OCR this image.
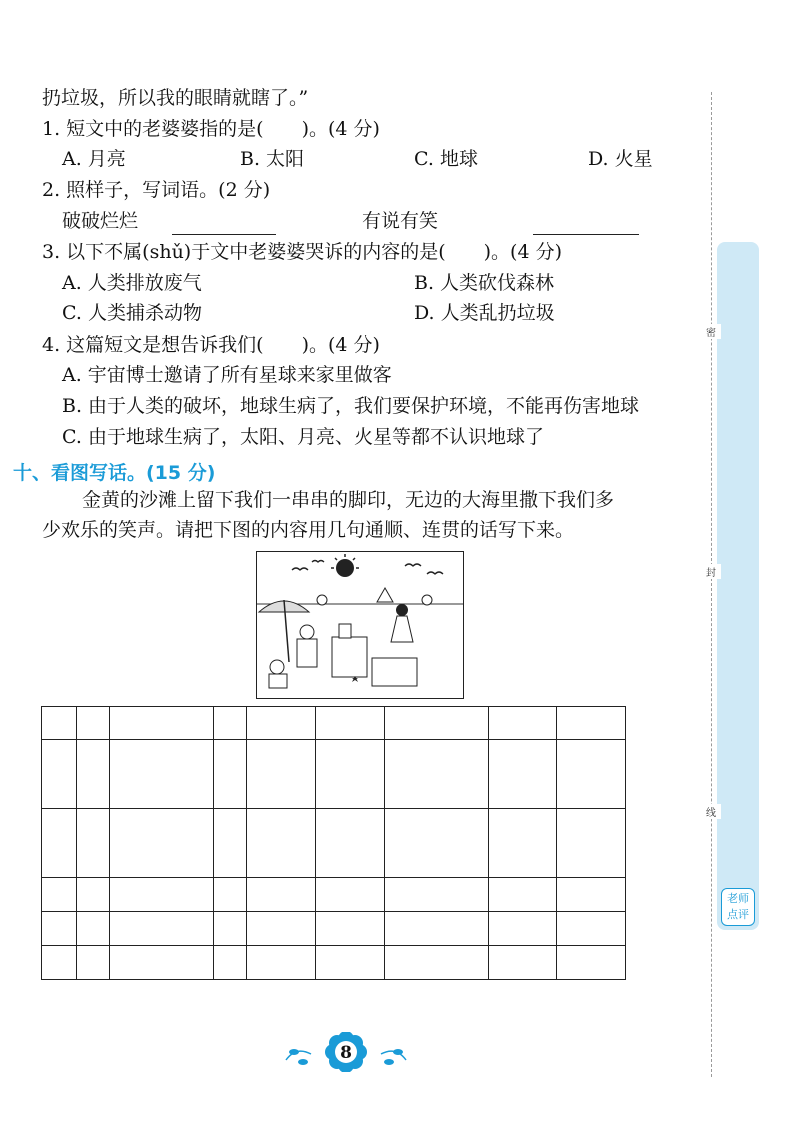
扔垃圾，所以我的眼睛就瞎了。”
1. 短文中的老婆婆指的是(　　)。(4 分)
A. 月亮	B. 太阳	C. 地球	D. 火星
2. 照样子，写词语。(2 分)
破破烂烂	有说有笑
3. 以下不属(shǔ)于文中老婆婆哭诉的内容的是(　　)。(4 分)
A. 人类排放废气	B. 人类砍伐森林
C. 人类捕杀动物	D. 人类乱扔垃圾
4. 这篇短文是想告诉我们(　　)。(4 分)
A. 宇宙博士邀请了所有星球来家里做客
B. 由于人类的破坏，地球生病了，我们要保护环境，不能再伤害地球
C. 由于地球生病了，太阳、月亮、火星等都不认识地球了
十、看图写话。(15 分)
金黄的沙滩上留下我们一串串的脚印，无边的大海里撒下我们多
少欢乐的笑声。请把下图的内容用几句通顺、连贯的话写下来。

8
密
封
线
老师
点评
